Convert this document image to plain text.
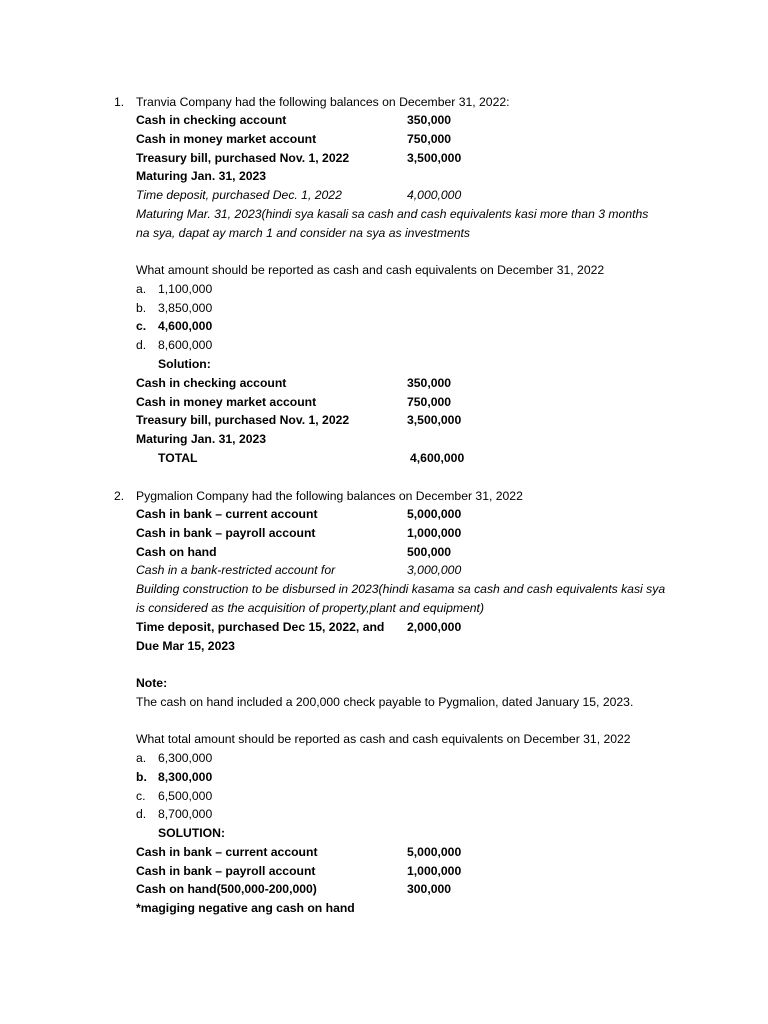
1. Tranvia Company had the following balances on December 31, 2022:
Cash in checking account	350,000
Cash in money market account	750,000
Treasury bill, purchased Nov. 1, 2022	3,500,000
Maturing Jan. 31, 2023
Time deposit, purchased Dec. 1, 2022	4,000,000
Maturing Mar. 31, 2023(hindi sya kasali sa cash and cash equivalents kasi more than 3 months
na sya, dapat ay march 1 and consider na sya as investments
What amount should be reported as cash and cash equivalents on December 31, 2022
a. 1,100,000
b. 3,850,000
c. 4,600,000
d. 8,600,000
Solution:
Cash in checking account	350,000
Cash in money market account	750,000
Treasury bill, purchased Nov. 1, 2022	3,500,000
Maturing Jan. 31, 2023
TOTAL	4,600,000
2. Pygmalion Company had the following balances on December 31, 2022
Cash in bank – current account	5,000,000
Cash in bank – payroll account	1,000,000
Cash on hand	500,000
Cash in a bank-restricted account for	3,000,000
Building construction to be disbursed in 2023(hindi kasama sa cash and cash equivalents kasi sya
is considered as the acquisition of property,plant and equipment)
Time deposit, purchased Dec 15, 2022, and 2,000,000
Due Mar 15, 2023
Note:
The cash on hand included a 200,000 check payable to Pygmalion, dated January 15, 2023.
What total amount should be reported as cash and cash equivalents on December 31, 2022
a. 6,300,000
b. 8,300,000
c. 6,500,000
d. 8,700,000
SOLUTION:
Cash in bank – current account	5,000,000
Cash in bank – payroll account	1,000,000
Cash on hand(500,000-200,000)	300,000
*magiging negative ang cash on hand
